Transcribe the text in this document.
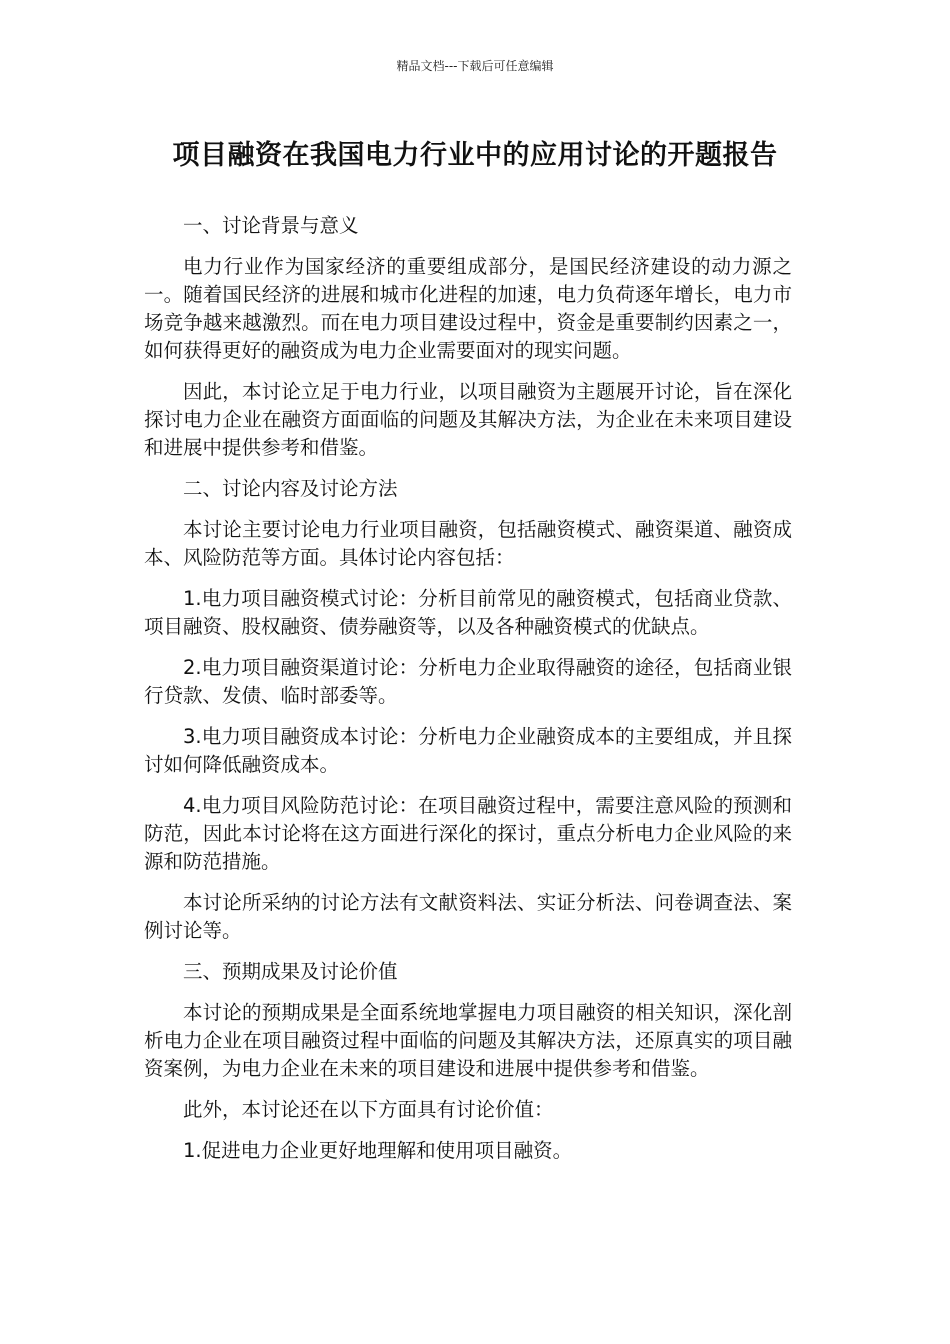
精品文档---下载后可任意编辑
项目融资在我国电力行业中的应用讨论的开题报告

一、讨论背景与意义

电力行业作为国家经济的重要组成部分，是国民经济建设的动力源之一。随着国民经济的进展和城市化进程的加速，电力负荷逐年增长，电力市场竞争越来越激烈。而在电力项目建设过程中，资金是重要制约因素之一，如何获得更好的融资成为电力企业需要面对的现实问题。

因此，本讨论立足于电力行业，以项目融资为主题展开讨论，旨在深化探讨电力企业在融资方面面临的问题及其解决方法，为企业在未来项目建设和进展中提供参考和借鉴。

二、讨论内容及讨论方法

本讨论主要讨论电力行业项目融资，包括融资模式、融资渠道、融资成本、风险防范等方面。具体讨论内容包括：

1.电力项目融资模式讨论：分析目前常见的融资模式，包括商业贷款、项目融资、股权融资、债券融资等，以及各种融资模式的优缺点。

2.电力项目融资渠道讨论：分析电力企业取得融资的途径，包括商业银行贷款、发债、临时部委等。

3.电力项目融资成本讨论：分析电力企业融资成本的主要组成，并且探讨如何降低融资成本。

4.电力项目风险防范讨论：在项目融资过程中，需要注意风险的预测和防范，因此本讨论将在这方面进行深化的探讨，重点分析电力企业风险的来源和防范措施。

本讨论所采纳的讨论方法有文献资料法、实证分析法、问卷调查法、案例讨论等。

三、预期成果及讨论价值

本讨论的预期成果是全面系统地掌握电力项目融资的相关知识，深化剖析电力企业在项目融资过程中面临的问题及其解决方法，还原真实的项目融资案例，为电力企业在未来的项目建设和进展中提供参考和借鉴。

此外，本讨论还在以下方面具有讨论价值：

1.促进电力企业更好地理解和使用项目融资。
